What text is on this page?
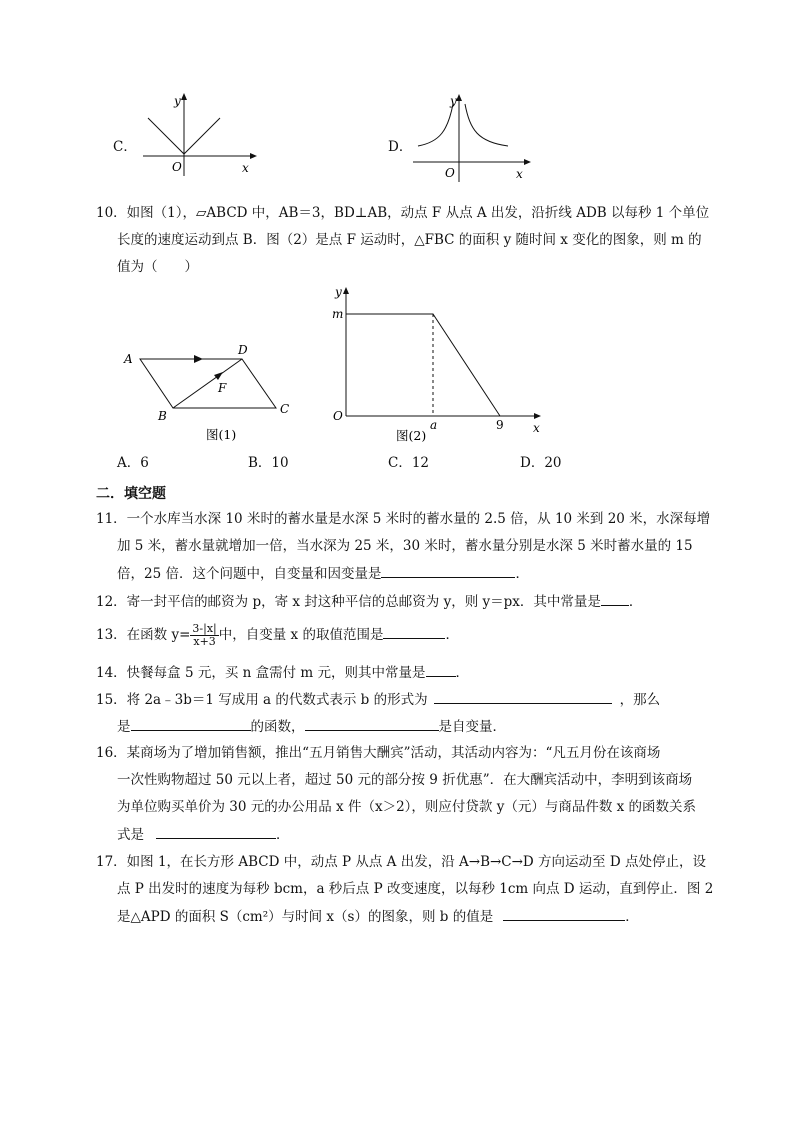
C．
y
x
O
D．
y
x
O
10．如图（1），▱ABCD 中，AB＝3，BD⊥AB，动点 F 从点 A 出发，沿折线 ADB 以每秒 1 个单位
长度的速度运动到点 B．图（2）是点 F 运动时，△FBC 的面积 y 随时间 x 变化的图象，则 m 的
值为（　　）
A
D
B	C
F
图(1)
y
m
O
a	9 x
图(2)
A．6	B．10	C．12	D．20
二．填空题
11．一个水库当水深 10 米时的蓄水量是水深 5 米时的蓄水量的 2.5 倍，从 10 米到 20 米，水深每增
加 5 米，蓄水量就增加一倍，当水深为 25 米，30 米时，蓄水量分别是水深 5 米时蓄水量的 15
倍，25 倍．这个问题中，自变量和因变量是	．
12．寄一封平信的邮资为 p，寄 x 封这种平信的总邮资为 y，则 y＝px．其中常量是 ．
13．在函数 $y= \frac{3-|x|}{x+3}$ 中，自变量 x 的取值范围是	．
14．快餐每盒 5 元，买 n 盒需付 m 元，则其中常量是 ．
15．将 2a﹣3b＝1 写成用 a 的代数式表示 b 的形式为	，那么
是	的函数，	是自变量．
16．某商场为了增加销售额，推出“五月销售大酬宾”活动，其活动内容为：“凡五月份在该商场
一次性购物超过 50 元以上者，超过 50 元的部分按 9 折优惠”．在大酬宾活动中，李明到该商场
为单位购买单价为 30 元的办公用品 x 件（x＞2），则应付贷款 y（元）与商品件数 x 的函数关系
式是	．
17．如图 1，在长方形 ABCD 中，动点 P 从点 A 出发，沿 A→B→C→D 方向运动至 D 点处停止，设
点 P 出发时的速度为每秒 bcm，a 秒后点 P 改变速度，以每秒 1cm 向点 D 运动，直到停止．图 2
是△APD 的面积 S（cm²）与时间 x（s）的图象，则 b 的值是	．
